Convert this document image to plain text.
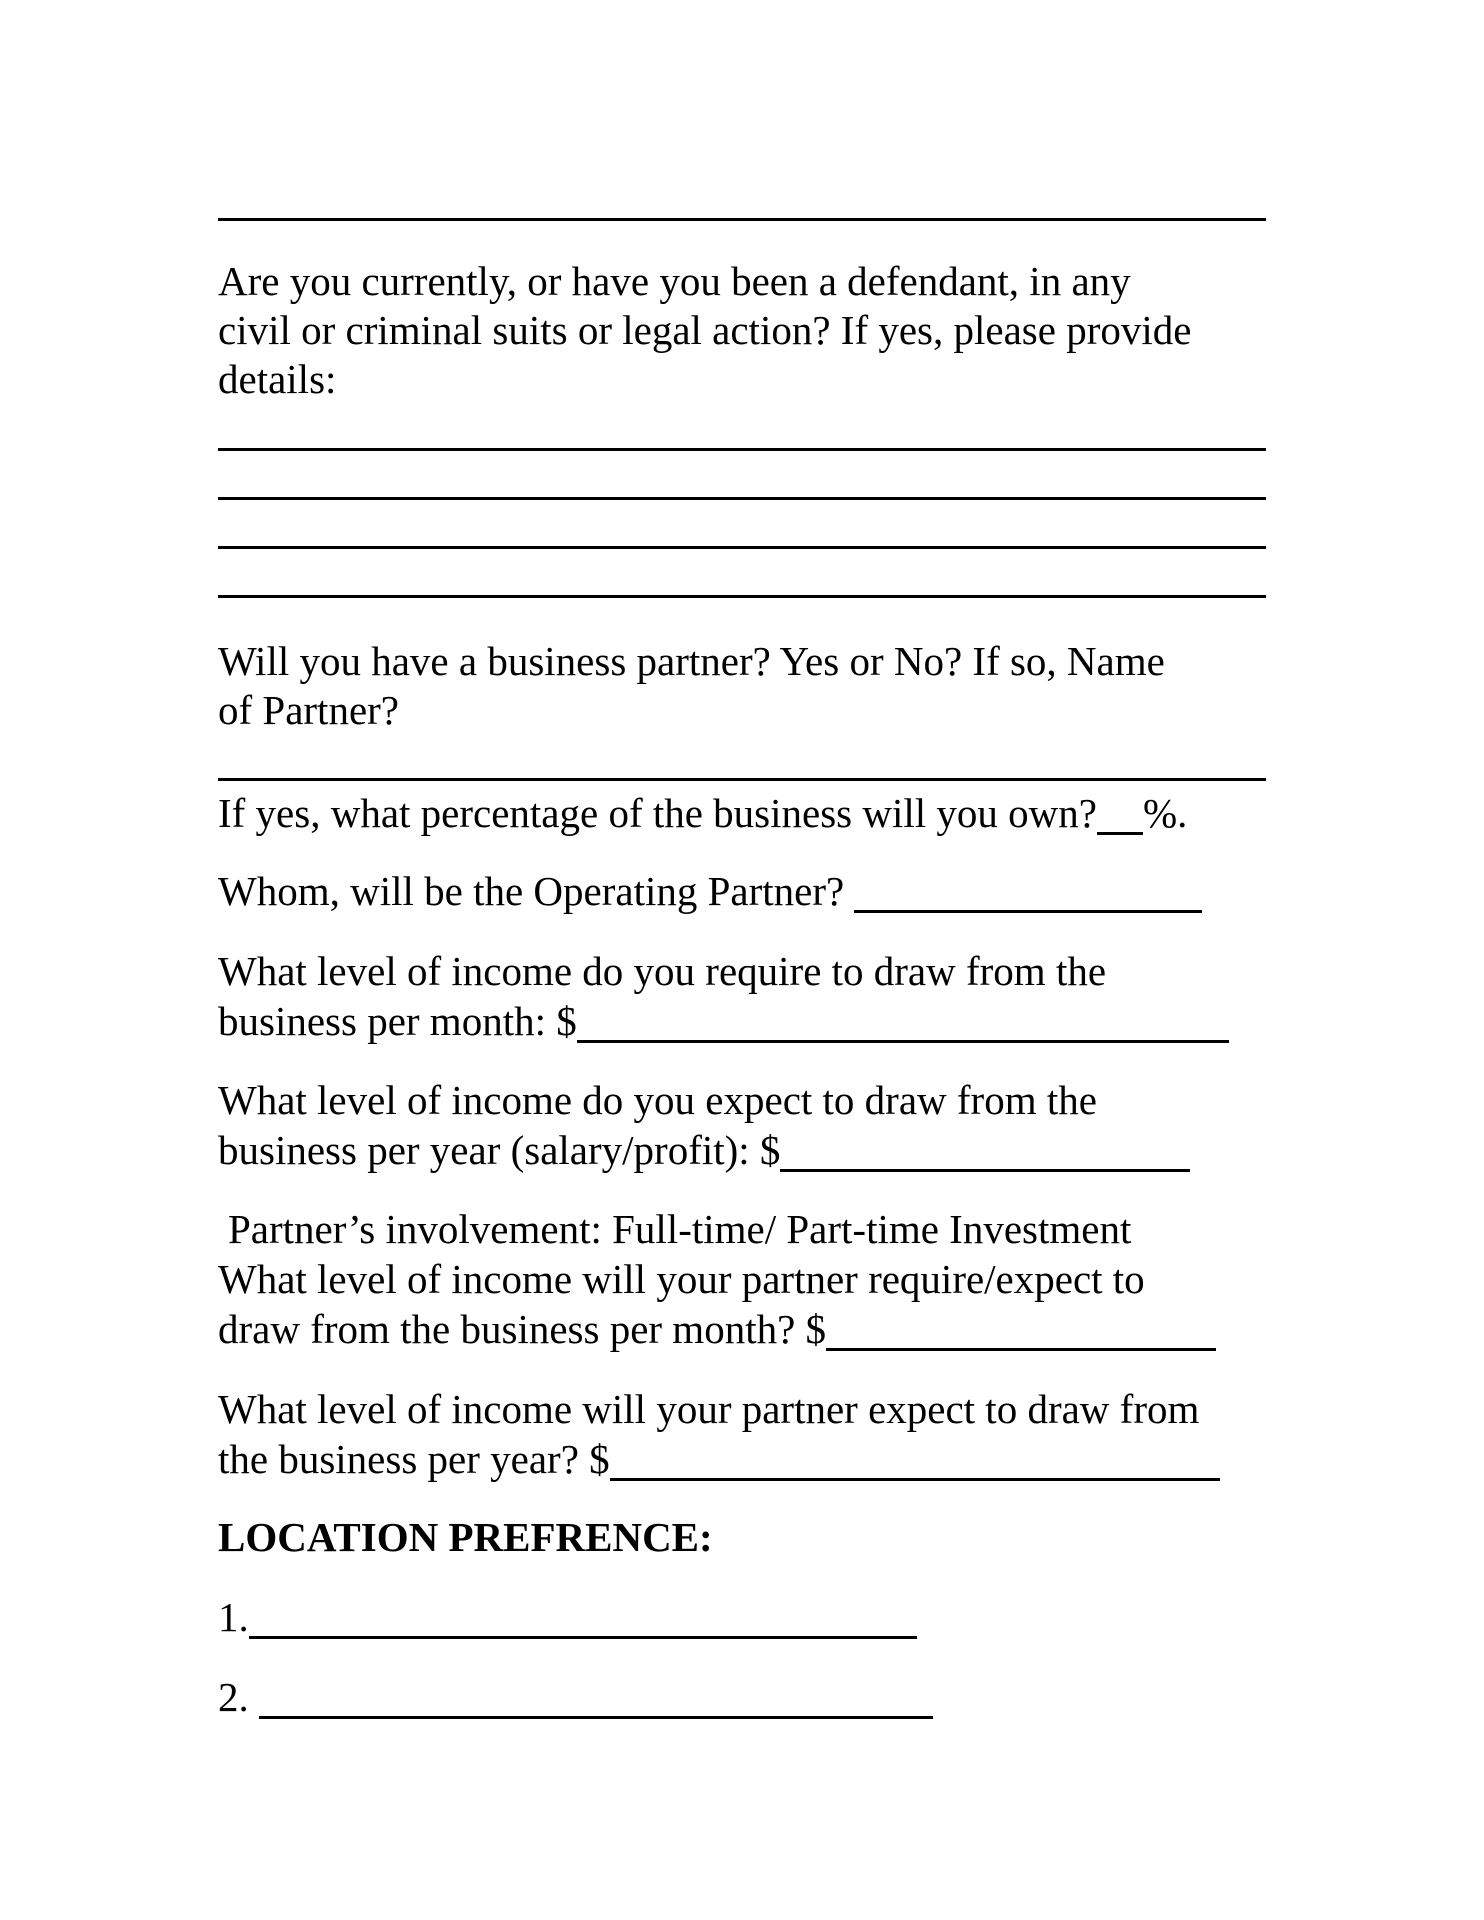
Are you currently, or have you been a defendant, in any

civil or criminal suits or legal action? If yes, please provide

details:

Will you have a business partner? Yes or No? If so, Name

of Partner?

If yes, what percentage of the business will you own? %.

Whom, will be the Operating Partner?

What level of income do you require to draw from the

business per month: $

What level of income do you expect to draw from the

business per year (salary/profit): $

Partner’s involvement: Full-time/ Part-time Investment

What level of income will your partner require/expect to

draw from the business per month? $

What level of income will your partner expect to draw from

the business per year? $

LOCATION PREFRENCE:

1.

2.
